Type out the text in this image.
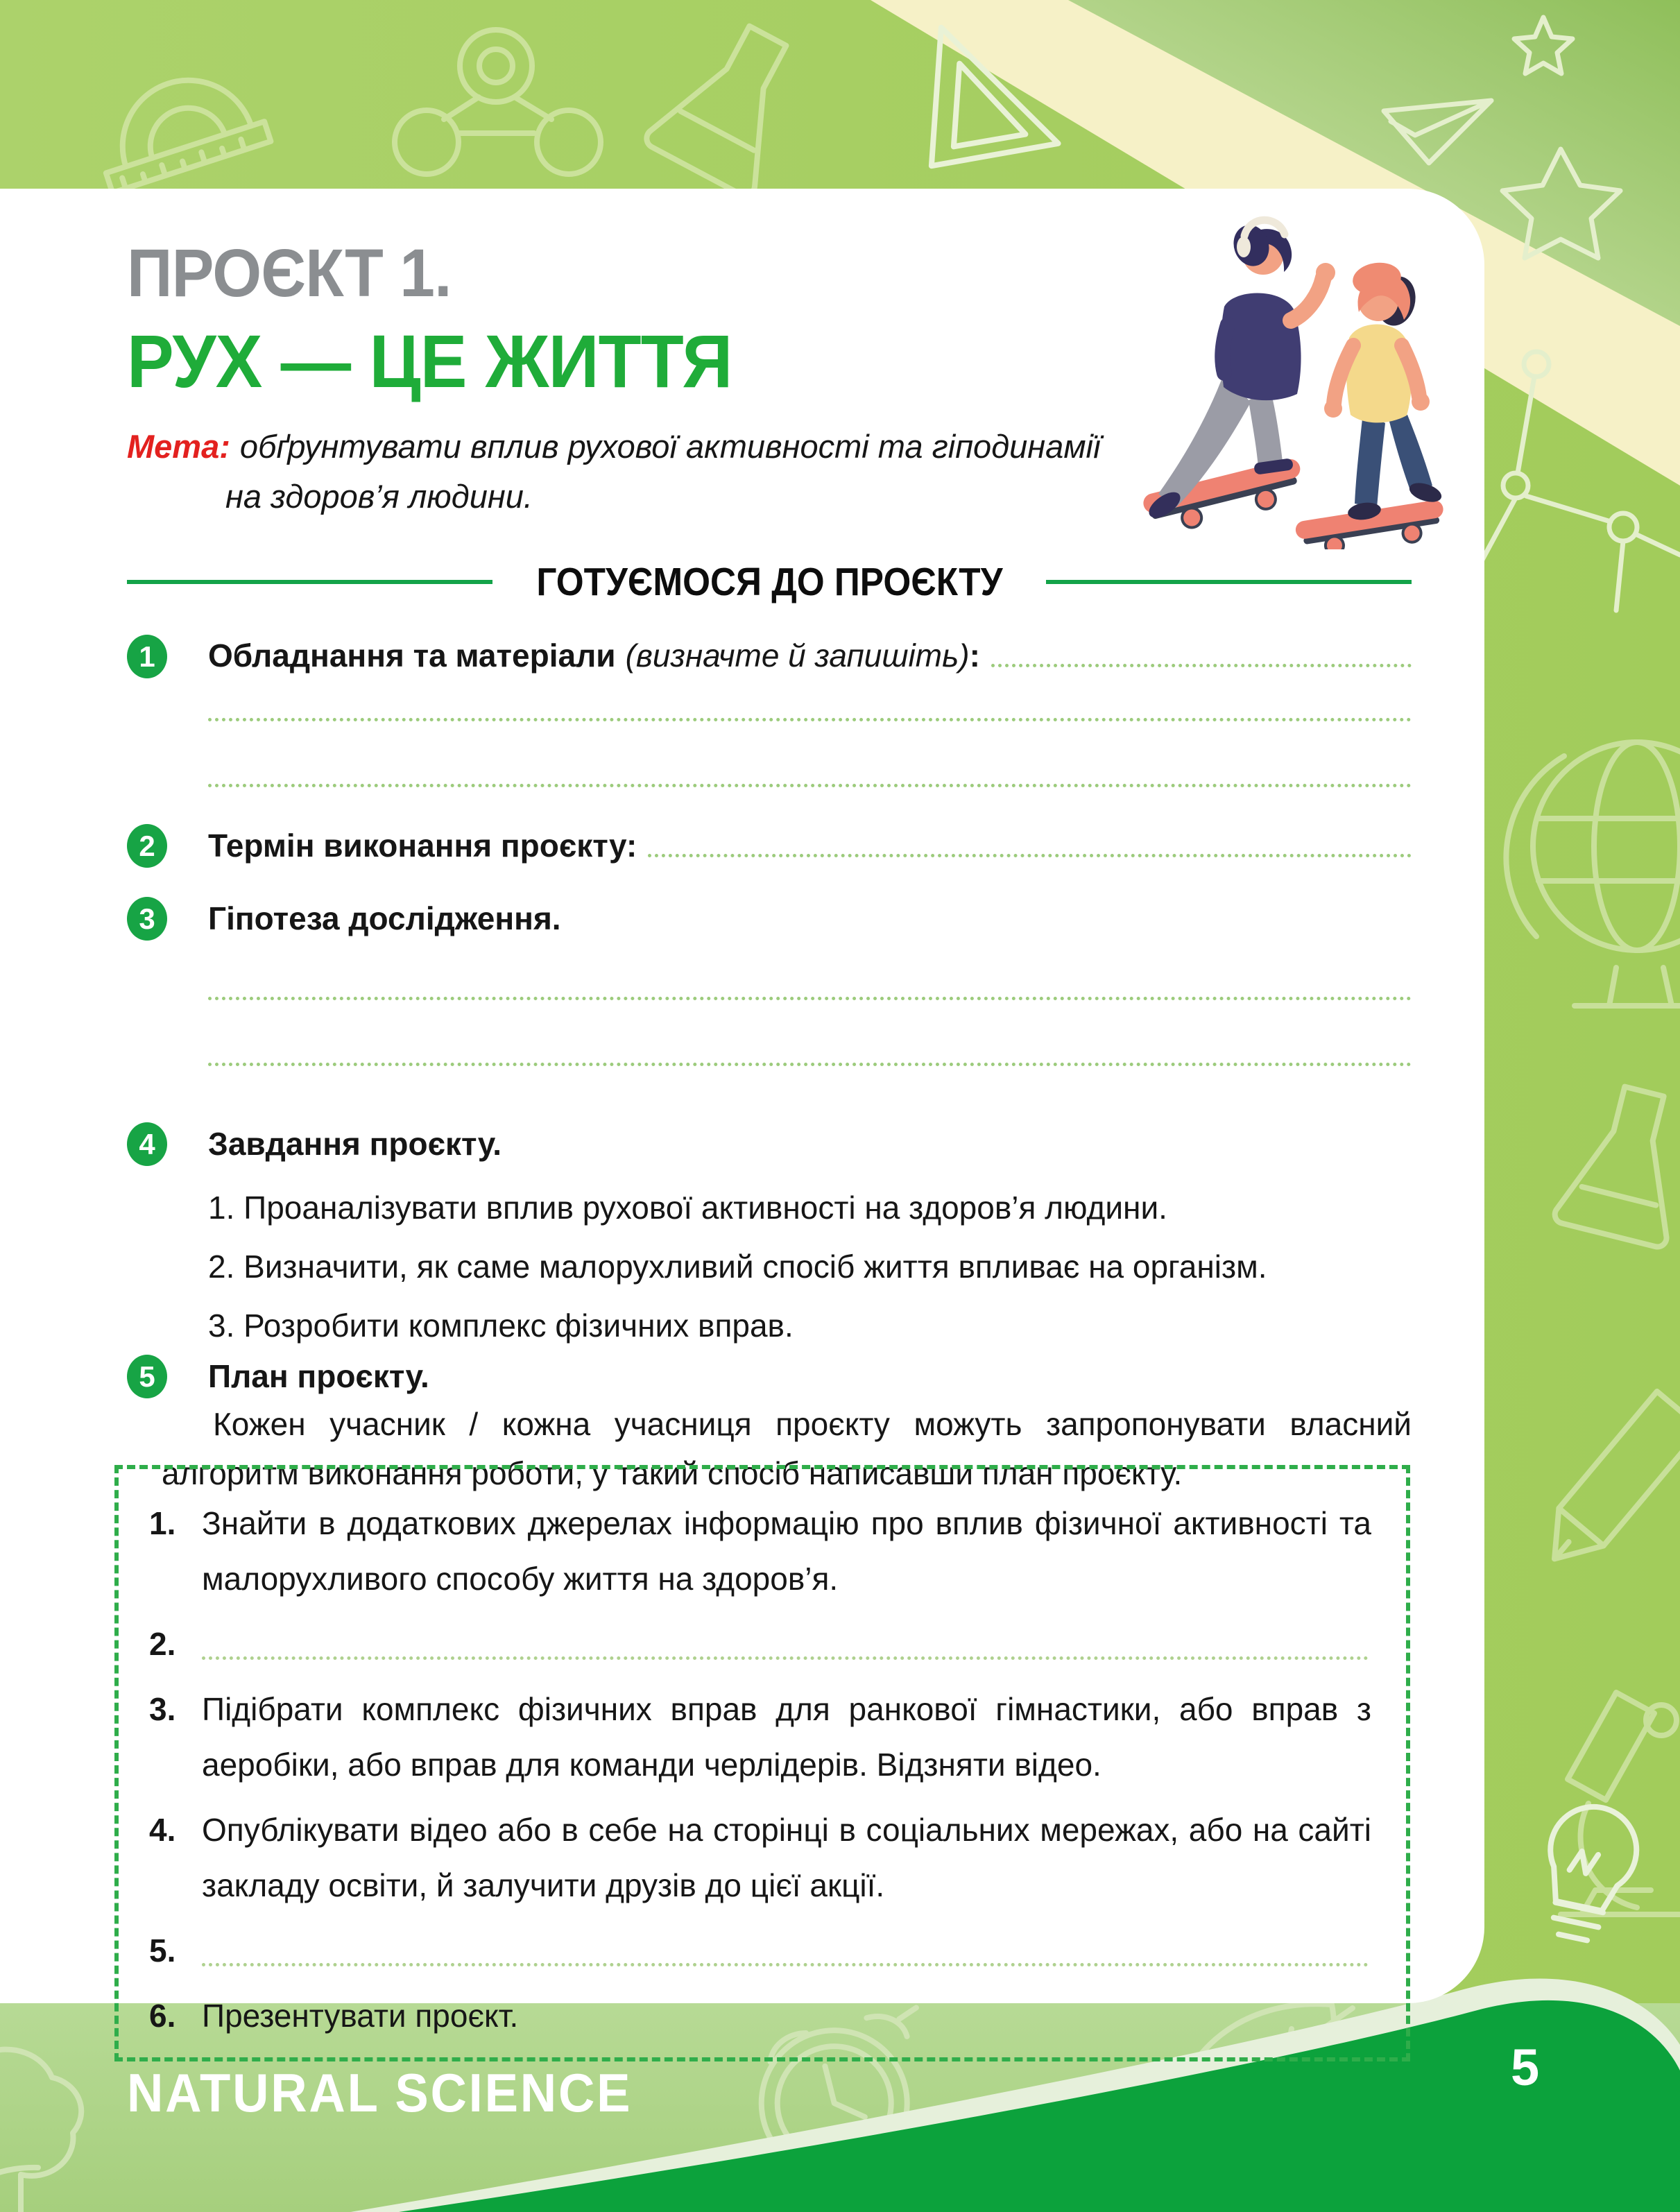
ПРОЄКТ 1.
РУХ — ЦЕ ЖИТТЯ
Мета: обґрунтувати вплив рухової активності та гіподинамії
на здоров’я людини.
ГОТУЄМОСЯ ДО ПРОЄКТУ
1
2
3
4
5
Обладнання та матеріали (визначте й запишіть) :
Термін виконання проєкту:
Гіпотеза дослідження.
Завдання проєкту.

1. Проаналізувати вплив рухової активності на здоров’я людини.

2. Визначити, як саме малорухливий спосіб життя впливає на організм.

3. Розробити комплекс фізичних вправ.

План проєкту.
Кожен учасник / кожна учасниця проєкту можуть запропонувати власний алгоритм виконання роботи, у такий спосіб написавши план проєкту.
1. Знайти в додаткових джерелах інформацію про вплив фізичної активності та малорухливого способу життя на здоров’я.

2.
3. Підібрати комплекс фізичних вправ для ранкової гімнастики, або вправ з аеробіки, або вправ для команди черлідерів. Відзняти відео.

4. Опублікувати відео або в себе на сторінці в соціальних мережах, або на сайті закладу освіти, й залучити друзів до цієї акції.

5.
6. Презентувати проєкт.

NATURAL SCIENCE	5
